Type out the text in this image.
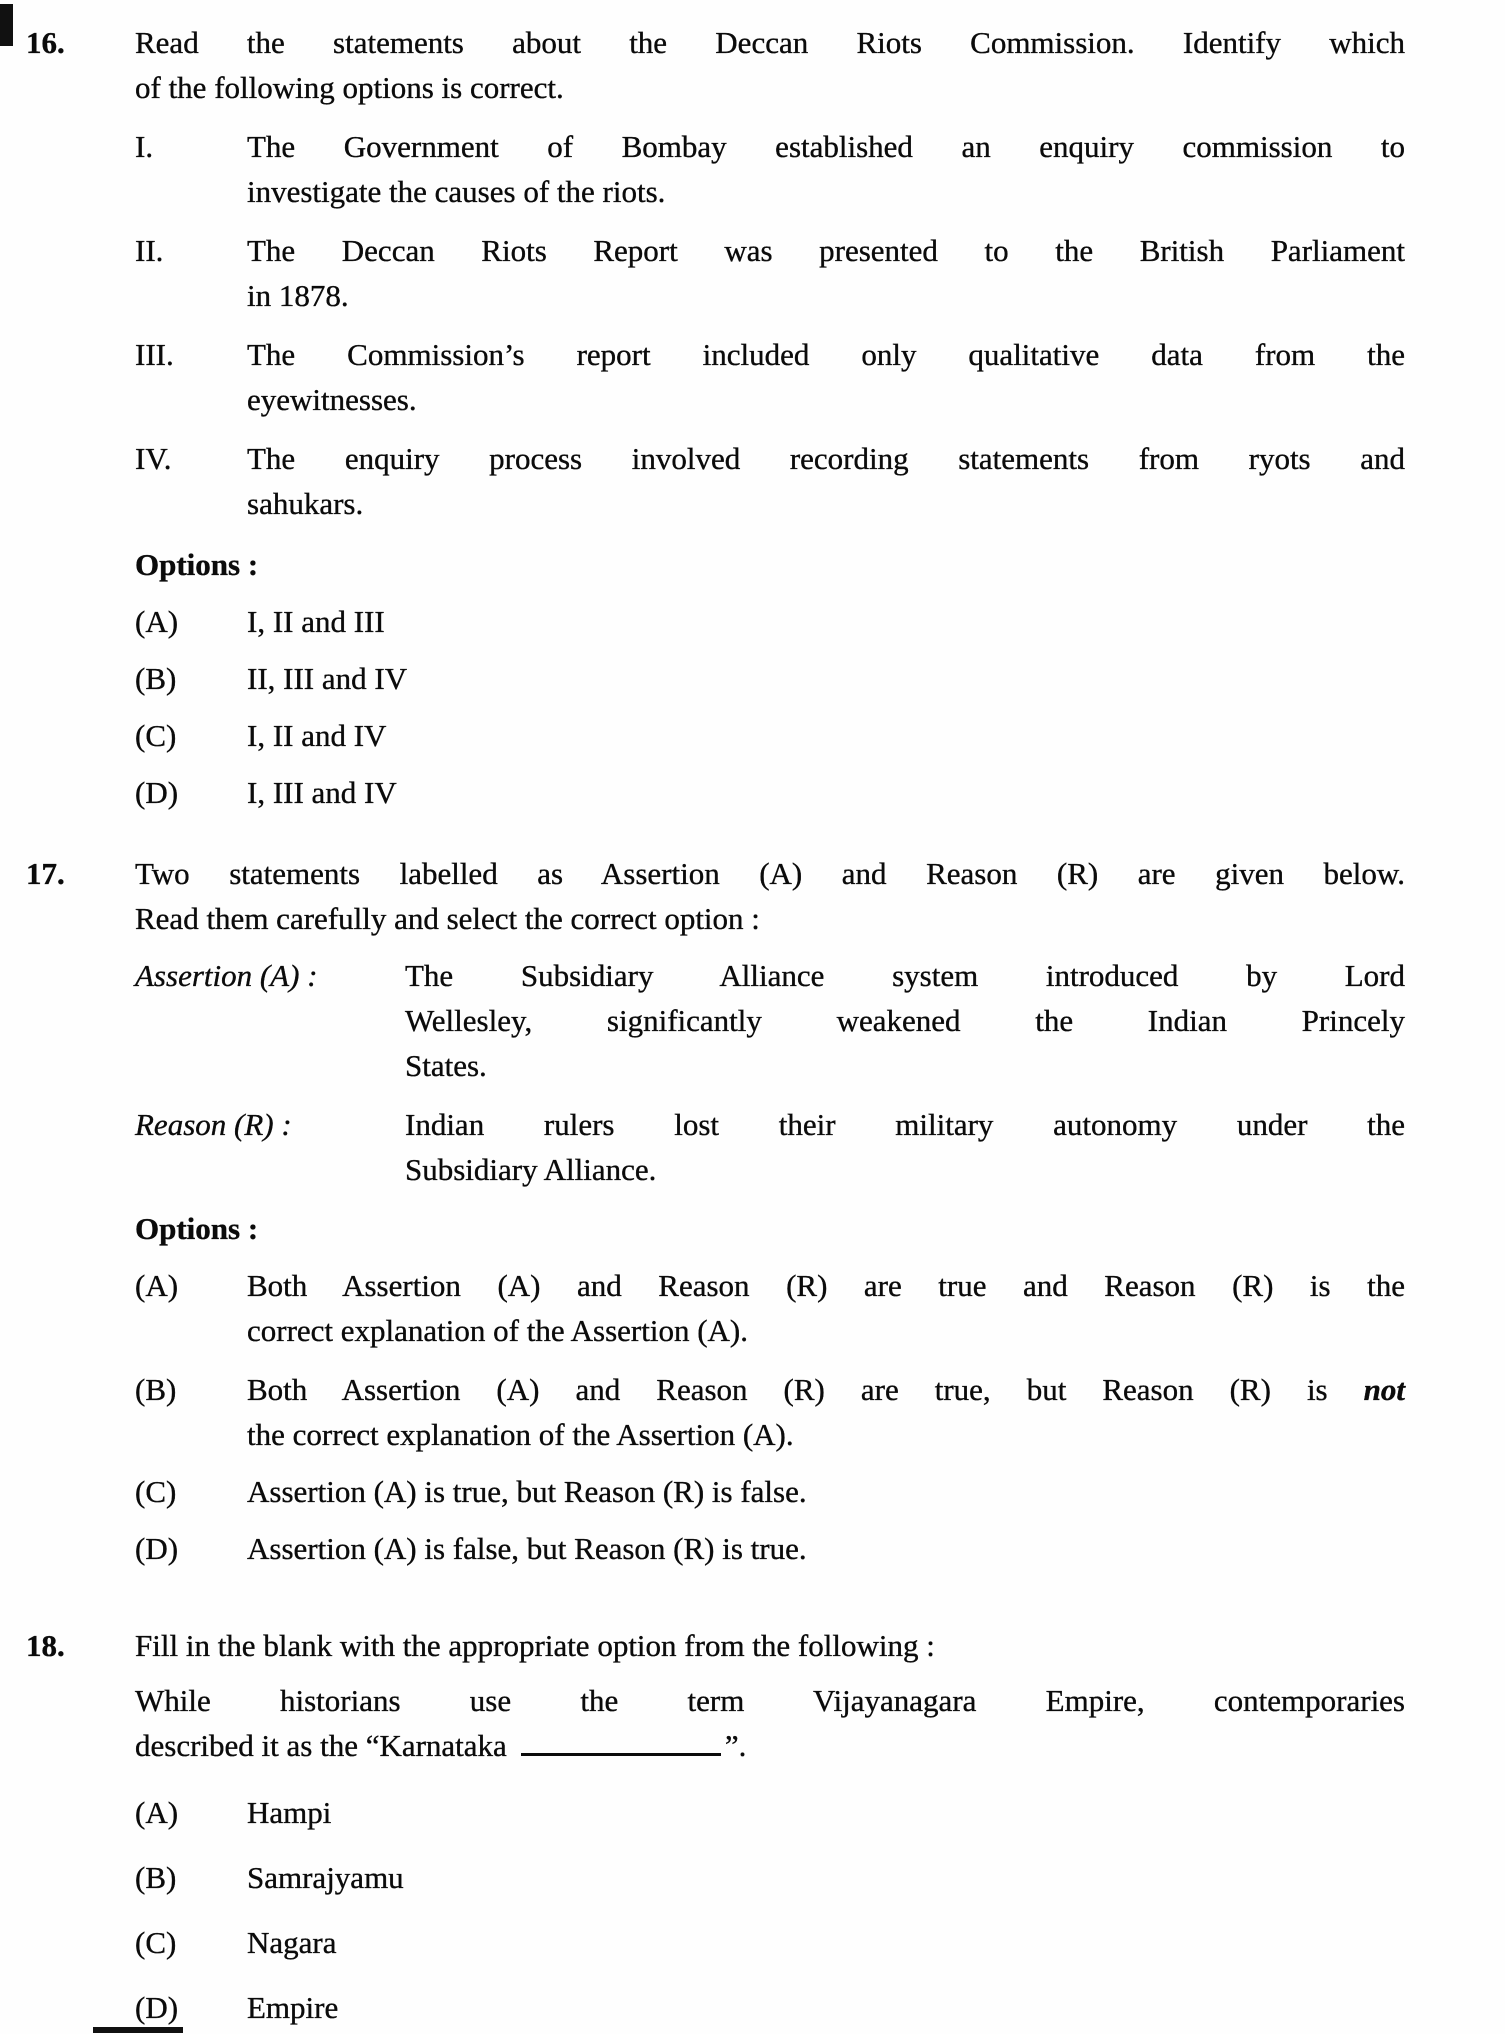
16.	Read the statements about the Deccan Riots Commission. Identify which
of the following options is correct.
I.	The Government of Bombay established an enquiry commission to
investigate the causes of the riots.
II.	The Deccan Riots Report was presented to the British Parliament
in 1878.
III.	The Commission’s report included only qualitative data from the
eyewitnesses.
IV.	The enquiry process involved recording statements from ryots and
sahukars.
Options :
(A)	I, II and III
(B)	II, III and IV
(C)	I, II and IV
(D)	I, III and IV
17.	Two statements labelled as Assertion (A) and Reason (R) are given below.
Read them carefully and select the correct option :
Assertion (A) :	The Subsidiary Alliance system introduced by Lord
Wellesley, significantly weakened the Indian Princely
States.
Reason (R) :	Indian rulers lost their military autonomy under the
Subsidiary Alliance.
Options :
(A)	Both Assertion (A) and Reason (R) are true and Reason (R) is the
correct explanation of the Assertion (A).
(B)	Both Assertion (A) and Reason (R) are true, but Reason (R) is not
the correct explanation of the Assertion (A).
(C)	Assertion (A) is true, but Reason (R) is false.
(D)	Assertion (A) is false, but Reason (R) is true.
18.	Fill in the blank with the appropriate option from the following :
While historians use the term Vijayanagara Empire, contemporaries
described it as the “Karnataka	”.
(A)	Hampi
(B)	Samrajyamu
(C)	Nagara
(D)	Empire
